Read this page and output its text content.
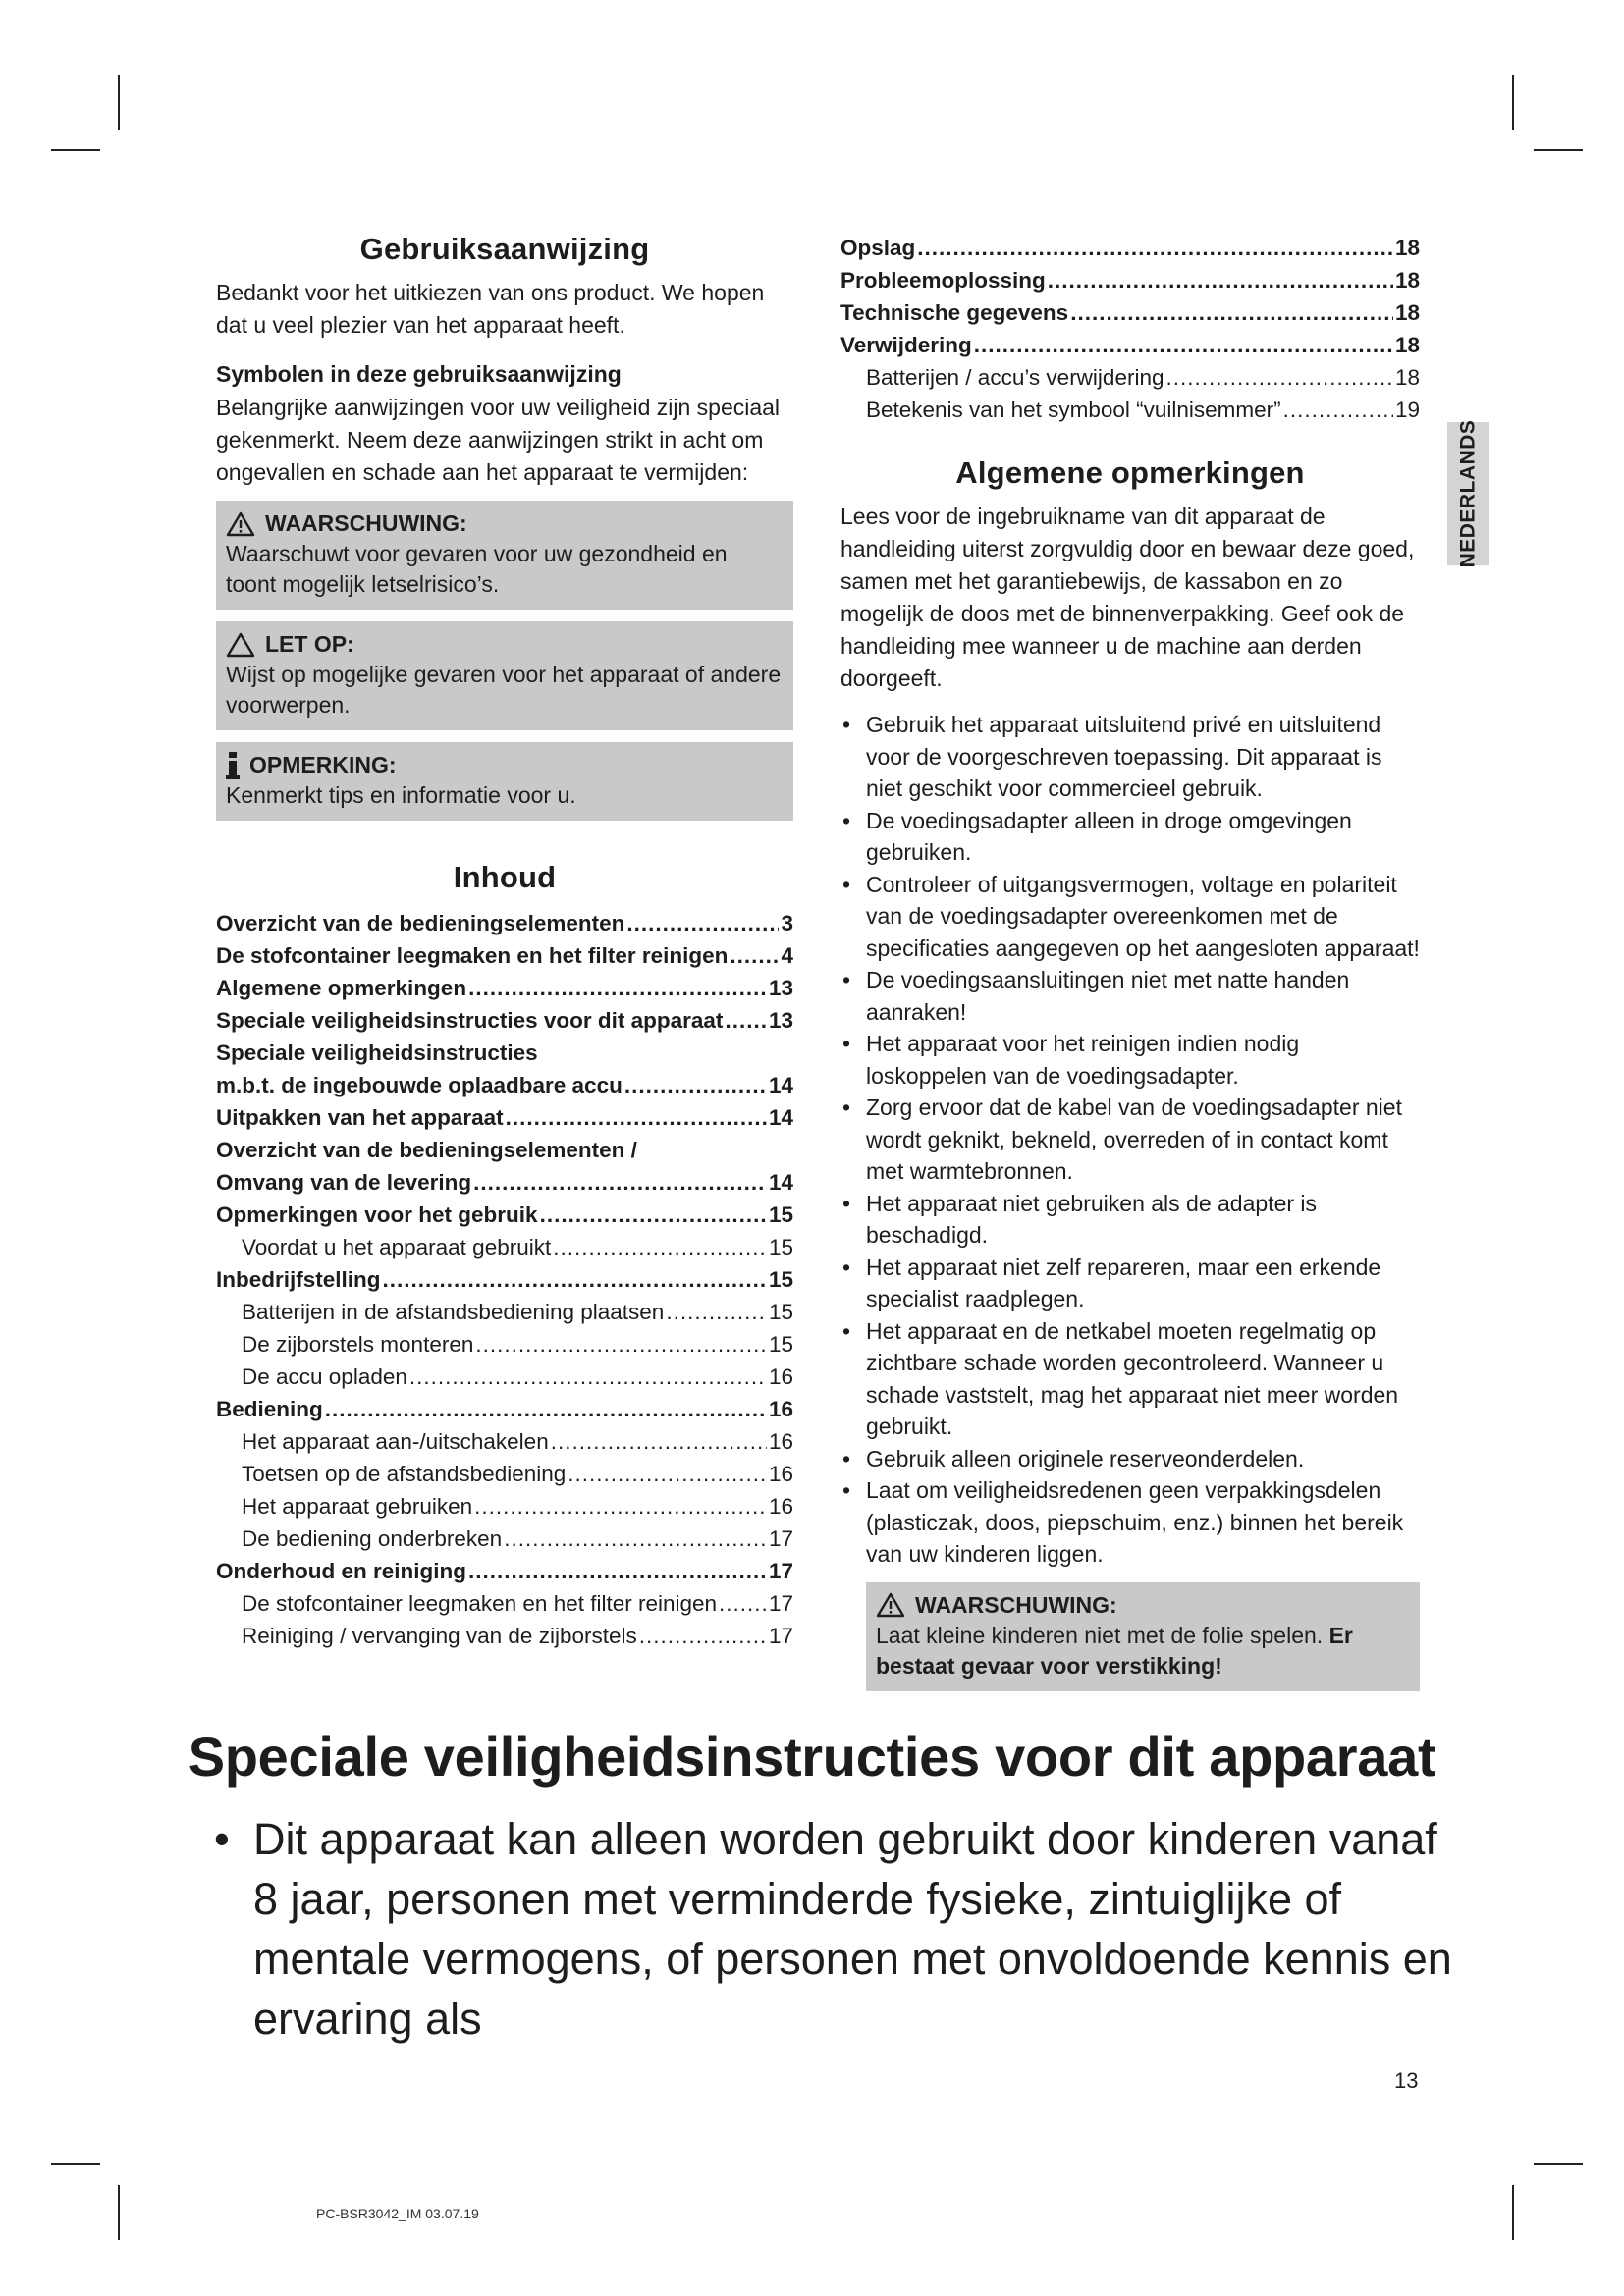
Gebruiksaanwijzing

Bedankt voor het uitkiezen van ons product. We hopen dat u veel plezier van het apparaat heeft.

Symbolen in deze gebruiksaanwijzing

Belangrijke aanwijzingen voor uw veiligheid zijn speciaal gekenmerkt. Neem deze aanwijzingen strikt in acht om ongevallen en schade aan het apparaat te vermijden:

WAARSCHUWING:

Waarschuwt voor gevaren voor uw gezondheid en toont mogelijk letselrisico’s.

LET OP:

Wijst op mogelijke gevaren voor het apparaat of andere voorwerpen.

OPMERKING:

Kenmerkt tips en informatie voor u.

Inhoud
Overzicht van de bedieningselementen .....	3
De stofcontainer leegmaken en het filter reinigen ..... 4
Algemene opmerkingen .....	13
Speciale veiligheidsinstructies voor dit apparaat ..... 13
Speciale veiligheidsinstructies
m.b.t. de ingebouwde oplaadbare accu .....	14
Uitpakken van het apparaat .....	14
Overzicht van de bedieningselementen /
Omvang van de levering .....	14
Opmerkingen voor het gebruik .....	15
Voordat u het apparaat gebruikt .....	15
Inbedrijfstelling .....	15
Batterijen in de afstandsbediening plaatsen .....	15
De zijborstels monteren .....	15
De accu opladen .....	16
Bediening .....	16
Het apparaat aan-/uitschakelen .....	16
Toetsen op de afstandsbediening .....	16
Het apparaat gebruiken .....	16
De bediening onderbreken .....	17
Onderhoud en reiniging .....	17
De stofcontainer leegmaken en het filter reinigen ..... 17
Reiniging / vervanging van de zijborstels .....	17
Opslag .....	18
Probleemoplossing .....	18
Technische gegevens .....	18
Verwijdering .....	18
Batterijen / accu’s verwijdering .....	18
Betekenis van het symbool “vuilnisemmer” .....	19
Algemene opmerkingen

Lees voor de ingebruikname van dit apparaat de handleiding uiterst zorgvuldig door en bewaar deze goed, samen met het garantiebewijs, de kassabon en zo mogelijk de doos met de binnenverpakking. Geef ook de handleiding mee wanneer u de machine aan derden doorgeeft.

• Gebruik het apparaat uitsluitend privé en uitsluitend voor de voorgeschreven toepassing. Dit apparaat is niet geschikt voor commercieel gebruik.
• De voedingsadapter alleen in droge omgevingen gebruiken.
• Controleer of uitgangsvermogen, voltage en polariteit van de voedingsadapter overeenkomen met de specificaties aangegeven op het aangesloten apparaat!
• De voedingsaansluitingen niet met natte handen aanraken!
• Het apparaat voor het reinigen indien nodig loskoppelen van de voedingsadapter.
• Zorg ervoor dat de kabel van de voedingsadapter niet wordt geknikt, bekneld, overreden of in contact komt met warmtebronnen.
• Het apparaat niet gebruiken als de adapter is beschadigd.
• Het apparaat niet zelf repareren, maar een erkende specialist raadplegen.
• Het apparaat en de netkabel moeten regelmatig op zichtbare schade worden gecontroleerd. Wanneer u schade vaststelt, mag het apparaat niet meer worden gebruikt.
• Gebruik alleen originele reserveonderdelen.
• Laat om veiligheidsredenen geen verpakkingsdelen (plasticzak, doos, piepschuim, enz.) binnen het bereik van uw kinderen liggen.
WAARSCHUWING:

Laat kleine kinderen niet met de folie spelen. Er bestaat gevaar voor verstikking!

NEDERLANDS
Speciale veiligheidsinstructies voor dit apparaat

• Dit apparaat kan alleen worden gebruikt door kinderen vanaf 8 jaar, personen met verminderde fysieke, zintuiglijke of mentale vermogens, of personen met onvoldoende kennis en ervaring als

13
PC-BSR3042_IM 03.07.19
